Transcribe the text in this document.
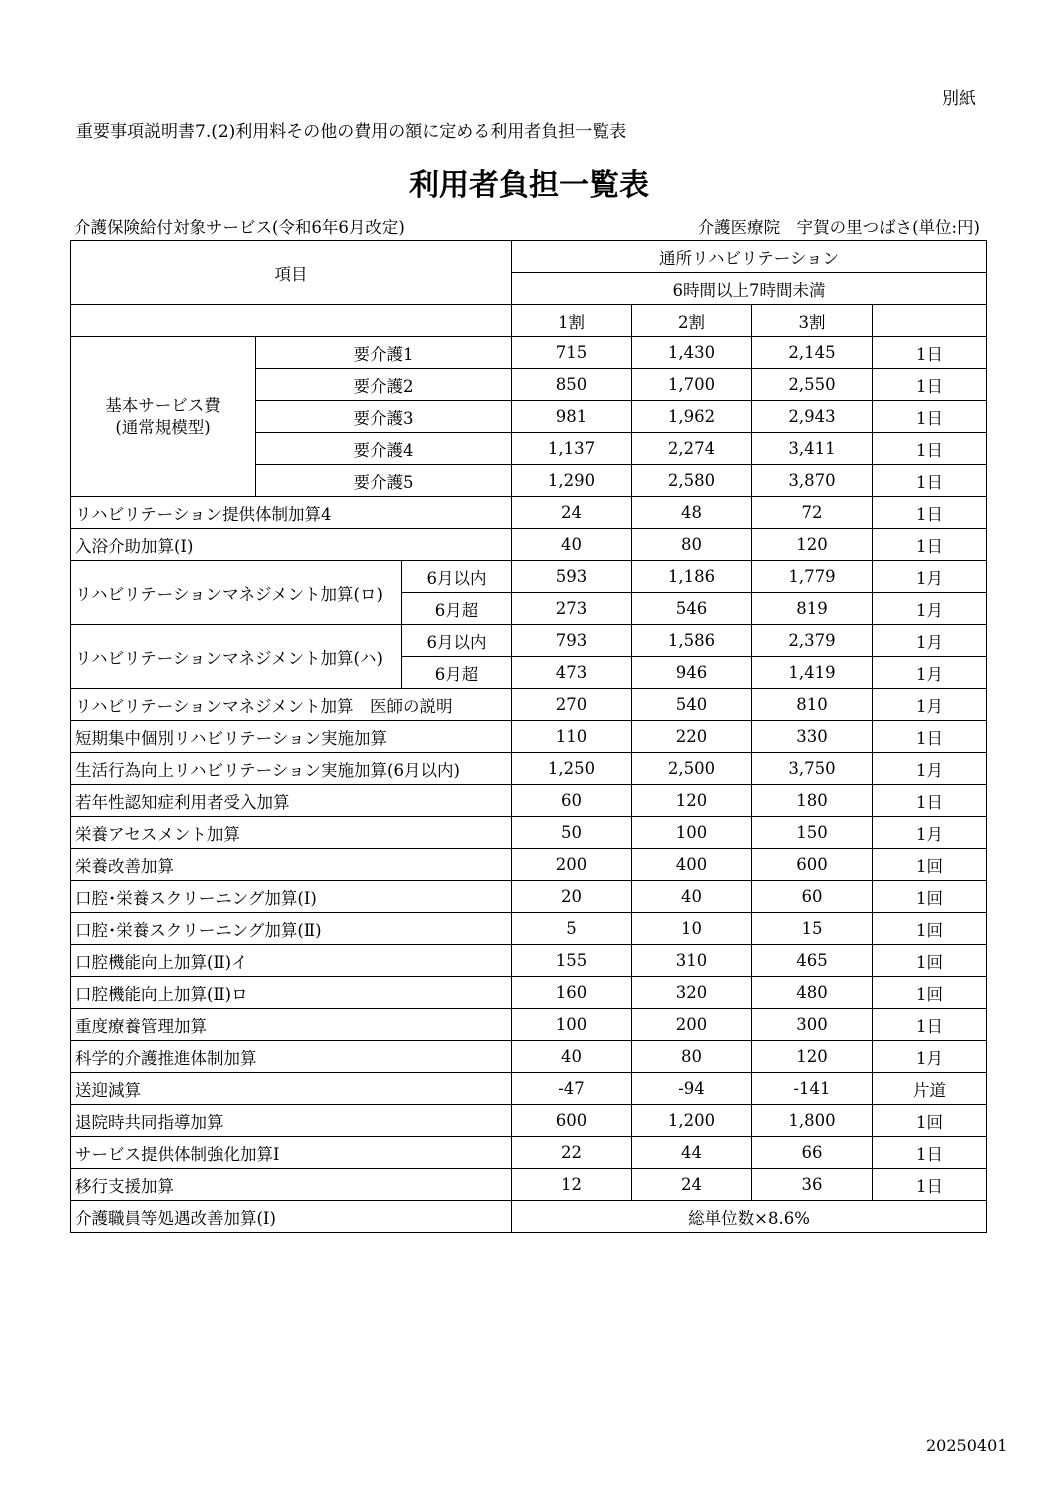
別紙
重要事項説明書7.(2)利用料その他の費用の額に定める利用者負担一覧表
利用者負担一覧表
介護保険給付対象サービス(令和6年6月改定)	介護医療院　宇賀の里つばさ(単位:円)
項目			通所リハビリテーション			
			6時間以上7時間未満			
			1割	2割	3割	

基本サービス費
(通常規模型)	要介護1		715	1,430	2,145	1日
	要介護2		850	1,700	2,550	1日
	要介護3		981	1,962	2,943	1日
	要介護4		1,137	2,274	3,411	1日
	要介護5		1,290	2,580	3,870	1日
リハビリテーション提供体制加算4			24	48	72	1日
入浴介助加算(Ⅰ)			40	80	120	1日
リハビリテーションマネジメント加算(ロ)		6月以内	593	1,186	1,779	1月
		6月超	273	546	819	1月
リハビリテーションマネジメント加算(ハ)		6月以内	793	1,586	2,379	1月
		6月超	473	946	1,419	1月
リハビリテーションマネジメント加算　医師の説明			270	540	810	1月
短期集中個別リハビリテーション実施加算			110	220	330	1日
生活行為向上リハビリテーション実施加算(6月以内)			1,250	2,500	3,750	1月
若年性認知症利用者受入加算			60	120	180	1日
栄養アセスメント加算			50	100	150	1月
栄養改善加算			200	400	600	1回
口腔･栄養スクリーニング加算(Ⅰ)			20	40	60	1回
口腔･栄養スクリーニング加算(Ⅱ)			5	10	15	1回
口腔機能向上加算(Ⅱ)イ			155	310	465	1回
口腔機能向上加算(Ⅱ)ロ			160	320	480	1回
重度療養管理加算			100	200	300	1日
科学的介護推進体制加算			40	80	120	1月
送迎減算			-47	-94	-141	片道
退院時共同指導加算			600	1,200	1,800	1回
サービス提供体制強化加算Ⅰ			22	44	66	1日
移行支援加算			12	24	36	1日
介護職員等処遇改善加算(Ⅰ)			総単位数×8.6%			
20250401
